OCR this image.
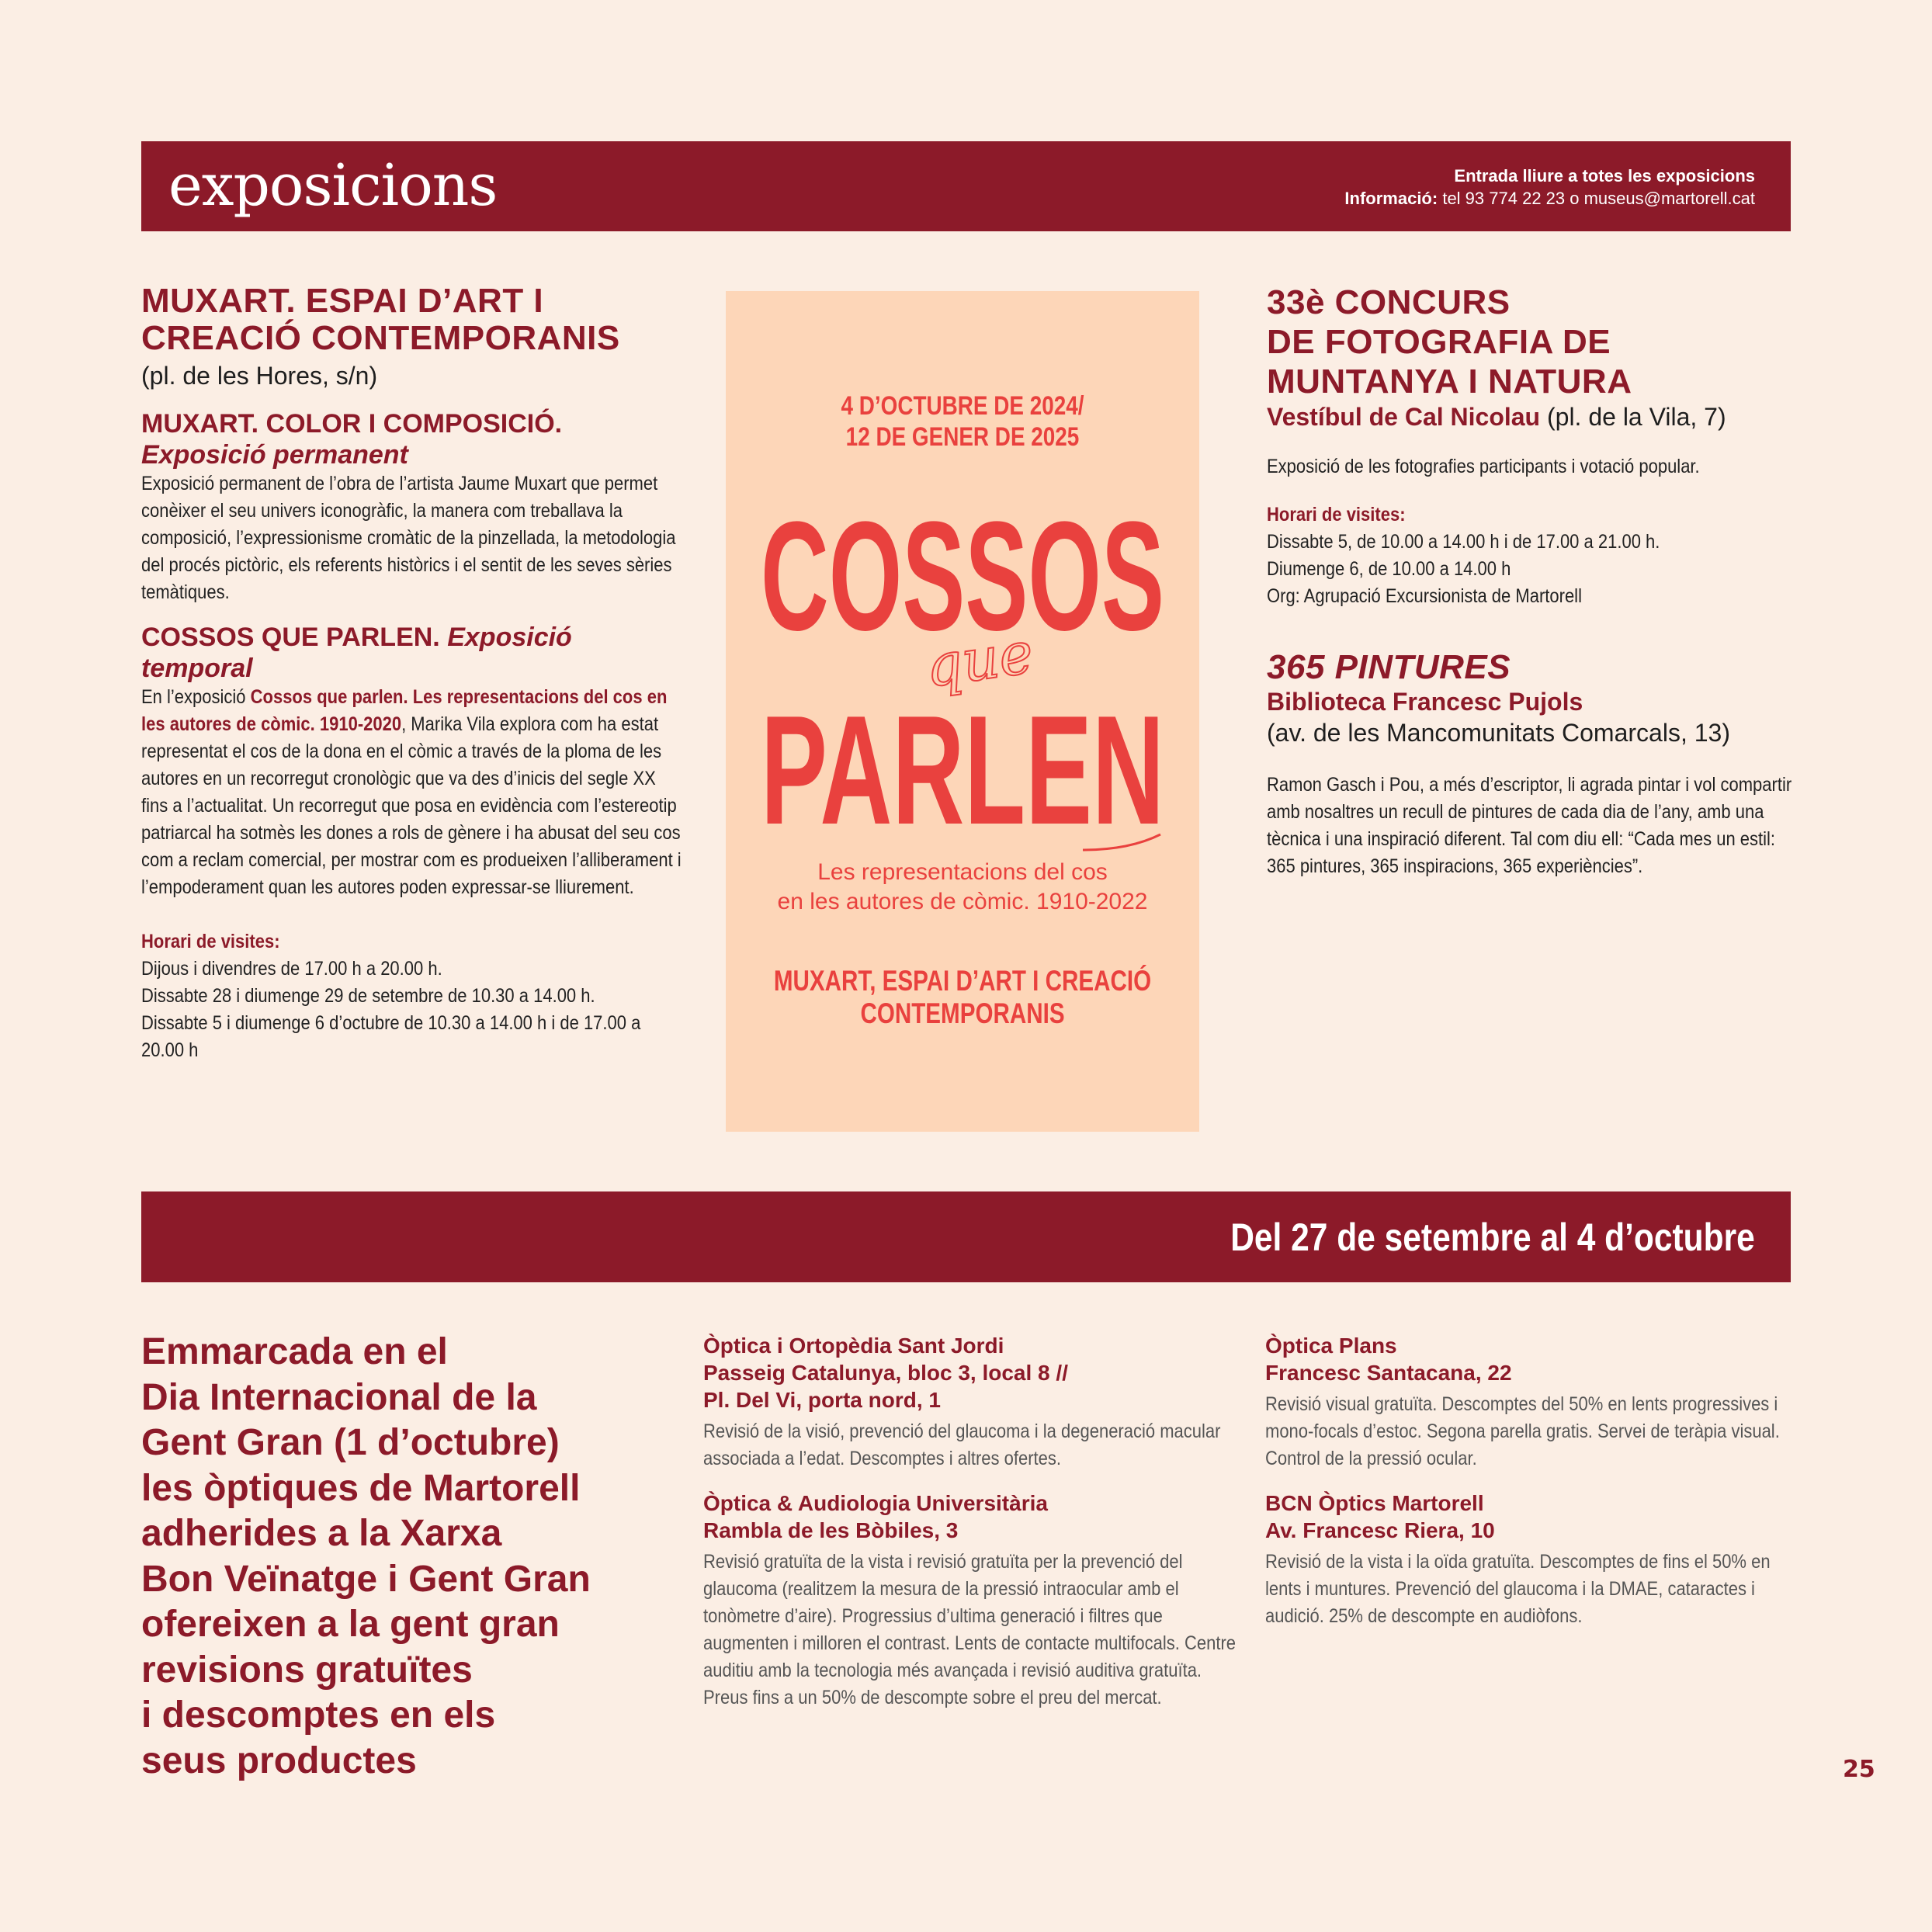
exposicions	Entrada lliure a totes les exposicions
Informació: tel 93 774 22 23 o museus@martorell.cat
MUXART. ESPAI D’ART I
CREACIÓ CONTEMPORANIS
(pl. de les Hores, s/n)
MUXART. COLOR I COMPOSICIÓ.
Exposició permanent
Exposició permanent de l’obra de l’artista Jaume Muxart que permet conèixer el seu univers iconogràfic, la manera com treballava la composició, l’expressionisme cromàtic de la pinzellada, la metodologia del procés pictòric, els referents històrics i el sentit de les seves sèries temàtiques.
COSSOS QUE PARLEN. Exposició temporal
En l’exposició Cossos que parlen. Les representacions del cos en les autores de còmic. 1910-2020, Marika Vila explora com ha estat representat el cos de la dona en el còmic a través de la ploma de les autores en un recorregut cronològic que va des d’inicis del segle XX fins a l’actualitat. Un recorregut que posa en evidència com l’estereotip patriarcal ha sotmès les dones a rols de gènere i ha abusat del seu cos com a reclam comercial, per mostrar com es produeixen l’alliberament i l’empoderament quan les autores poden expressar-se lliurement.
Horari de visites:
Dijous i divendres de 17.00 h a 20.00 h.
Dissabte 28 i diumenge 29 de setembre de 10.30 a 14.00 h.
Dissabte 5 i diumenge 6 d’octubre de 10.30 a 14.00 h i de 17.00 a 20.00 h
4 D’OCTUBRE DE 2024/
12 DE GENER DE 2025
COSSOS
que
PARLEN
Les representacions del cos
en les autores de còmic. 1910-2022
MUXART, ESPAI D’ART I CREACIÓ
CONTEMPORANIS
33è CONCURS
DE FOTOGRAFIA DE
MUNTANYA I NATURA
Vestíbul de Cal Nicolau (pl. de la Vila, 7)
Exposició de les fotografies participants i votació popular.
Horari de visites:
Dissabte 5, de 10.00 a 14.00 h i de 17.00 a 21.00 h.
Diumenge 6, de 10.00 a 14.00 h
Org: Agrupació Excursionista de Martorell
365 PINTURES
Biblioteca Francesc Pujols
(av. de les Mancomunitats Comarcals, 13)
Ramon Gasch i Pou, a més d’escriptor, li agrada pintar i vol compartir amb nosaltres un recull de pintures de cada dia de l’any, amb una tècnica i una inspiració diferent. Tal com diu ell: “Cada mes un estil: 365 pintures, 365 inspiracions, 365 experiències”.
Del 27 de setembre al 4 d’octubre
Emmarcada en el
Dia Internacional de la
Gent Gran (1 d’octubre)
les òptiques de Martorell
adherides a la Xarxa
Bon Veïnatge i Gent Gran
ofereixen a la gent gran
revisions gratuïtes
i descomptes en els
seus productes
Òptica i Ortopèdia Sant Jordi
Passeig Catalunya, bloc 3, local 8 //
Pl. Del Vi, porta nord, 1
Revisió de la visió, prevenció del glaucoma i la degeneració macular associada a l’edat. Descomptes i altres ofertes.
Òptica & Audiologia Universitària
Rambla de les Bòbiles, 3
Revisió gratuïta de la vista i revisió gratuïta per la prevenció del glaucoma (realitzem la mesura de la pressió intraocular amb el tonòmetre d’aire). Progressius d’ultima generació i filtres que augmenten i milloren el contrast. Lents de contacte multifocals. Centre auditiu amb la tecnologia més avançada i revisió auditiva gratuïta. Preus fins a un 50% de descompte sobre el preu del mercat.
Òptica Plans
Francesc Santacana, 22
Revisió visual gratuïta. Descomptes del 50% en lents progressives i mono-focals d’estoc. Segona parella gratis. Servei de teràpia visual. Control de la pressió ocular.
BCN Òptics Martorell
Av. Francesc Riera, 10
Revisió de la vista i la oïda gratuïta. Descomptes de fins el 50% en lents i muntures. Prevenció del glaucoma i la DMAE, cataractes i audició. 25% de descompte en audiòfons.
25
